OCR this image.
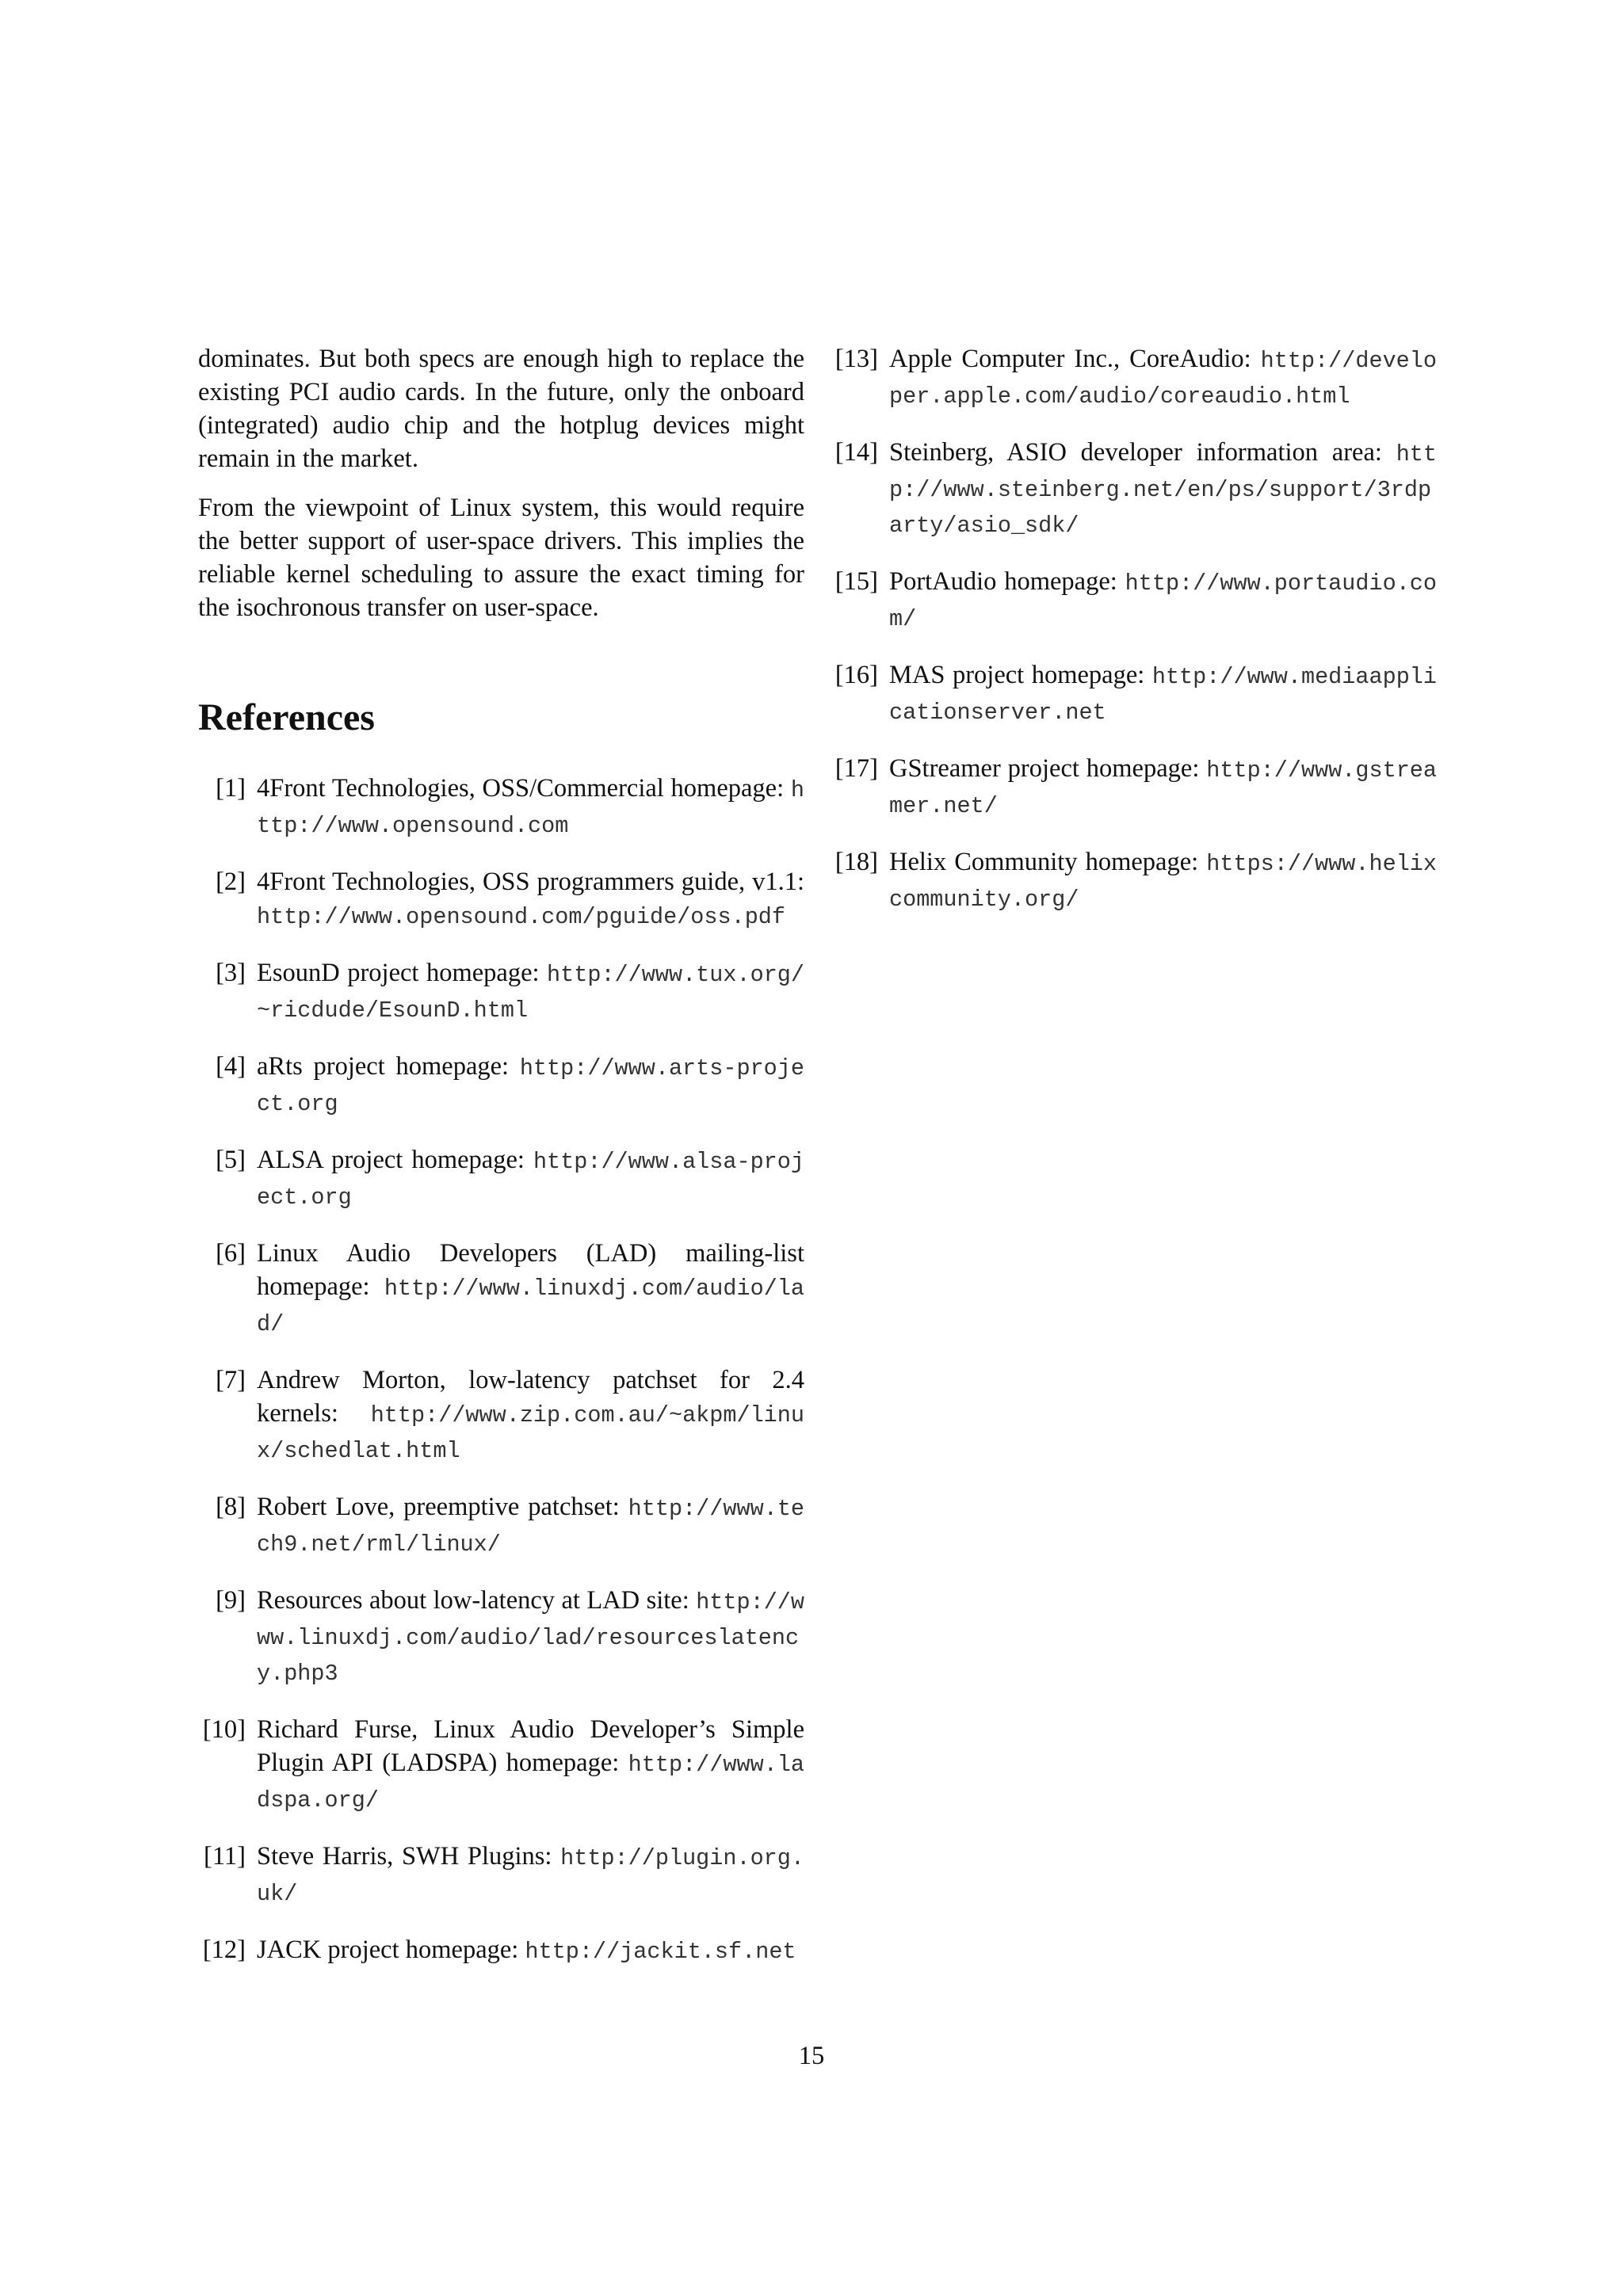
dominates. But both specs are enough high to replace the existing PCI audio cards. In the future, only the onboard (integrated) audio chip and the hotplug devices might remain in the market.

From the viewpoint of Linux system, this would require the better support of user-space drivers. This implies the reliable kernel scheduling to assure the exact timing for the isochronous transfer on user-space.

References
[1] 4Front Technologies, OSS/Commercial homepage: http://www.opensound.com
[2] 4Front Technologies, OSS programmers guide, v1.1: http://www.opensound.com/pguide/oss.pdf
[3] EsounD project homepage: http://www.tux.org/~ricdude/EsounD.html
[4] aRts project homepage: http://www.arts-project.org
[5] ALSA project homepage: http://www.alsa-project.org
[6] Linux Audio Developers (LAD) mailing-list homepage: http://www.linuxdj.com/audio/lad/
[7] Andrew Morton, low-latency patchset for 2.4 kernels: http://www.zip.com.au/~akpm/linux/schedlat.html
[8] Robert Love, preemptive patchset: http://www.tech9.net/rml/linux/
[9] Resources about low-latency at LAD site: http://www.linuxdj.com/audio/lad/resourceslatency.php3
[10] Richard Furse, Linux Audio Developer’s Simple Plugin API (LADSPA) homepage: http://www.ladspa.org/
[11] Steve Harris, SWH Plugins: http://plugin.org.uk/
[12] JACK project homepage: http://jackit.sf.net
[13] Apple Computer Inc., CoreAudio: http://developer.apple.com/audio/coreaudio.html
[14] Steinberg, ASIO developer information area: http://www.steinberg.net/en/ps/support/3rdparty/asio_sdk/
[15] PortAudio homepage: http://www.portaudio.com/
[16] MAS project homepage: http://www.mediaapplicationserver.net
[17] GStreamer project homepage: http://www.gstreamer.net/
[18] Helix Community homepage: https://www.helixcommunity.org/
15
